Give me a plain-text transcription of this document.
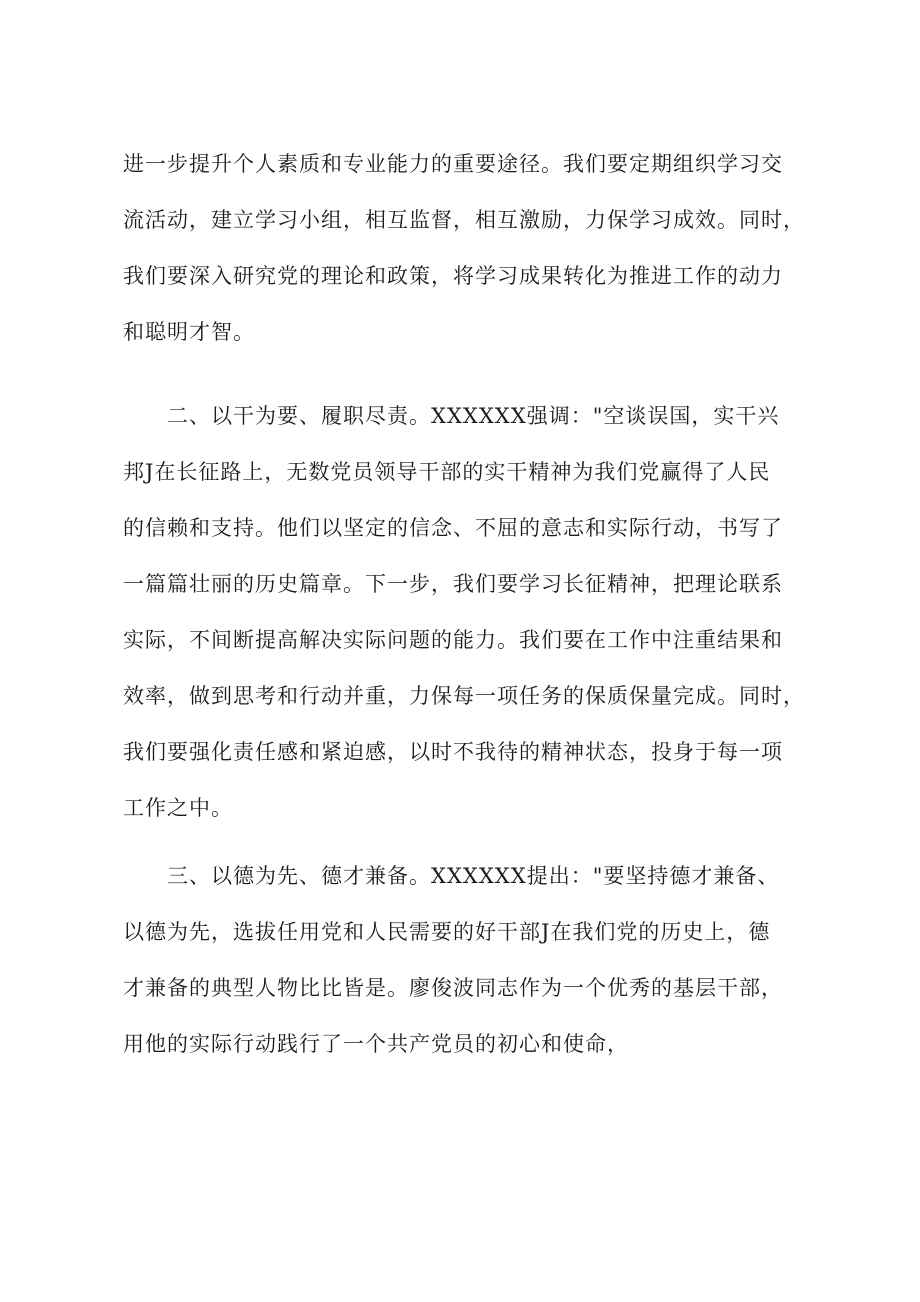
进一步提升个人素质和专业能力的重要途径。我们要定期组织学习交
流活动，建立学习小组，相互监督，相互激励，力保学习成效。同时，
我们要深入研究党的理论和政策，将学习成果转化为推进工作的动力
和聪明才智。
二、以干为要、履职尽责。XXXXXX强调："空谈误国，实干兴
邦J在长征路上，无数党员领导干部的实干精神为我们党赢得了人民
的信赖和支持。他们以坚定的信念、不屈的意志和实际行动，书写了
一篇篇壮丽的历史篇章。下一步，我们要学习长征精神，把理论联系
实际，不间断提高解决实际问题的能力。我们要在工作中注重结果和
效率，做到思考和行动并重，力保每一项任务的保质保量完成。同时，
我们要强化责任感和紧迫感，以时不我待的精神状态，投身于每一项
工作之中。
三、以德为先、德才兼备。XXXXXX提出："要坚持德才兼备、
以德为先，选拔任用党和人民需要的好干部J在我们党的历史上，德
才兼备的典型人物比比皆是。廖俊波同志作为一个优秀的基层干部，
用他的实际行动践行了一个共产党员的初心和使命，
